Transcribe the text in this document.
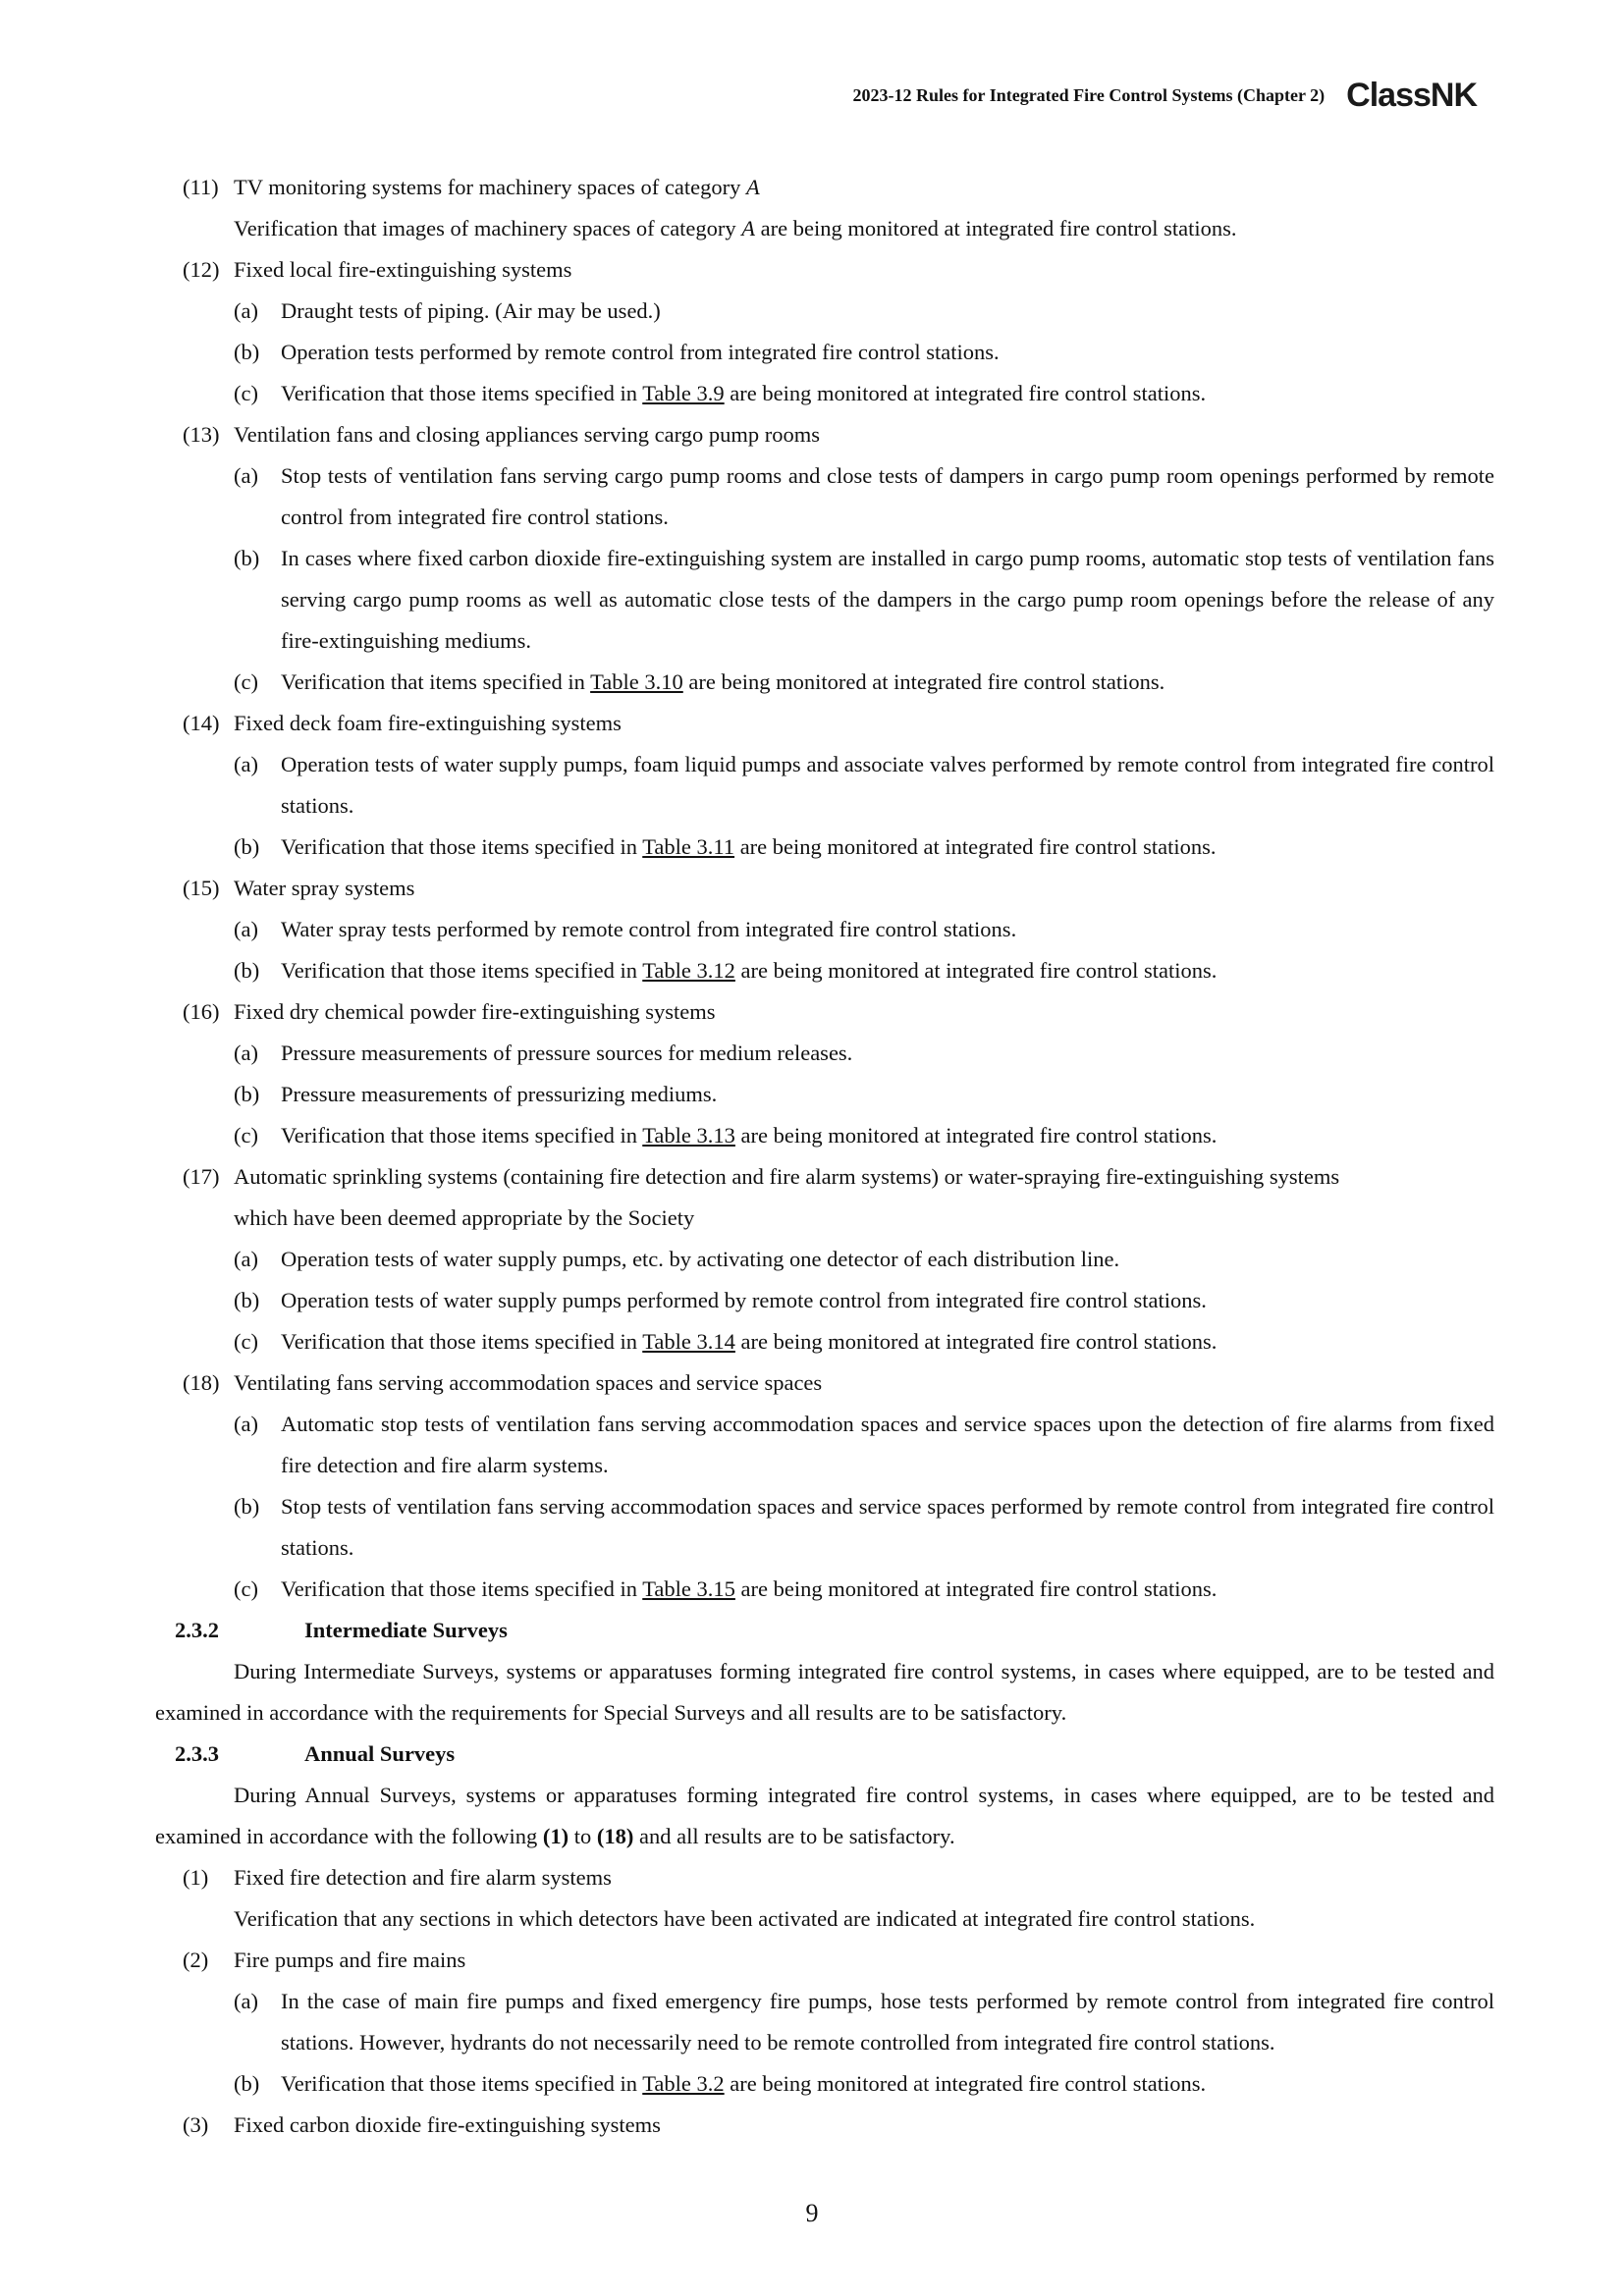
2023-12 Rules for Integrated Fire Control Systems (Chapter 2) ClassNK
(11) TV monitoring systems for machinery spaces of category A
Verification that images of machinery spaces of category A are being monitored at integrated fire control stations.
(12) Fixed local fire-extinguishing systems
(a) Draught tests of piping. (Air may be used.)
(b) Operation tests performed by remote control from integrated fire control stations.
(c) Verification that those items specified in Table 3.9 are being monitored at integrated fire control stations.
(13) Ventilation fans and closing appliances serving cargo pump rooms
(a) Stop tests of ventilation fans serving cargo pump rooms and close tests of dampers in cargo pump room openings performed by remote control from integrated fire control stations.
(b) In cases where fixed carbon dioxide fire-extinguishing system are installed in cargo pump rooms, automatic stop tests of ventilation fans serving cargo pump rooms as well as automatic close tests of the dampers in the cargo pump room openings before the release of any fire-extinguishing mediums.
(c) Verification that items specified in Table 3.10 are being monitored at integrated fire control stations.
(14) Fixed deck foam fire-extinguishing systems
(a) Operation tests of water supply pumps, foam liquid pumps and associate valves performed by remote control from integrated fire control stations.
(b) Verification that those items specified in Table 3.11 are being monitored at integrated fire control stations.
(15) Water spray systems
(a) Water spray tests performed by remote control from integrated fire control stations.
(b) Verification that those items specified in Table 3.12 are being monitored at integrated fire control stations.
(16) Fixed dry chemical powder fire-extinguishing systems
(a) Pressure measurements of pressure sources for medium releases.
(b) Pressure measurements of pressurizing mediums.
(c) Verification that those items specified in Table 3.13 are being monitored at integrated fire control stations.
(17) Automatic sprinkling systems (containing fire detection and fire alarm systems) or water-spraying fire-extinguishing systems
which have been deemed appropriate by the Society
(a) Operation tests of water supply pumps, etc. by activating one detector of each distribution line.
(b) Operation tests of water supply pumps performed by remote control from integrated fire control stations.
(c) Verification that those items specified in Table 3.14 are being monitored at integrated fire control stations.
(18) Ventilating fans serving accommodation spaces and service spaces
(a) Automatic stop tests of ventilation fans serving accommodation spaces and service spaces upon the detection of fire alarms from fixed fire detection and fire alarm systems.
(b) Stop tests of ventilation fans serving accommodation spaces and service spaces performed by remote control from integrated fire control stations.
(c) Verification that those items specified in Table 3.15 are being monitored at integrated fire control stations.
2.3.2	Intermediate Surveys
During Intermediate Surveys, systems or apparatuses forming integrated fire control systems, in cases where equipped, are to be tested and examined in accordance with the requirements for Special Surveys and all results are to be satisfactory.
2.3.3	Annual Surveys
During Annual Surveys, systems or apparatuses forming integrated fire control systems, in cases where equipped, are to be tested and examined in accordance with the following (1) to (18) and all results are to be satisfactory.
(1) Fixed fire detection and fire alarm systems
Verification that any sections in which detectors have been activated are indicated at integrated fire control stations.
(2) Fire pumps and fire mains
(a) In the case of main fire pumps and fixed emergency fire pumps, hose tests performed by remote control from integrated fire control stations. However, hydrants do not necessarily need to be remote controlled from integrated fire control stations.
(b) Verification that those items specified in Table 3.2 are being monitored at integrated fire control stations.
(3) Fixed carbon dioxide fire-extinguishing systems
9
